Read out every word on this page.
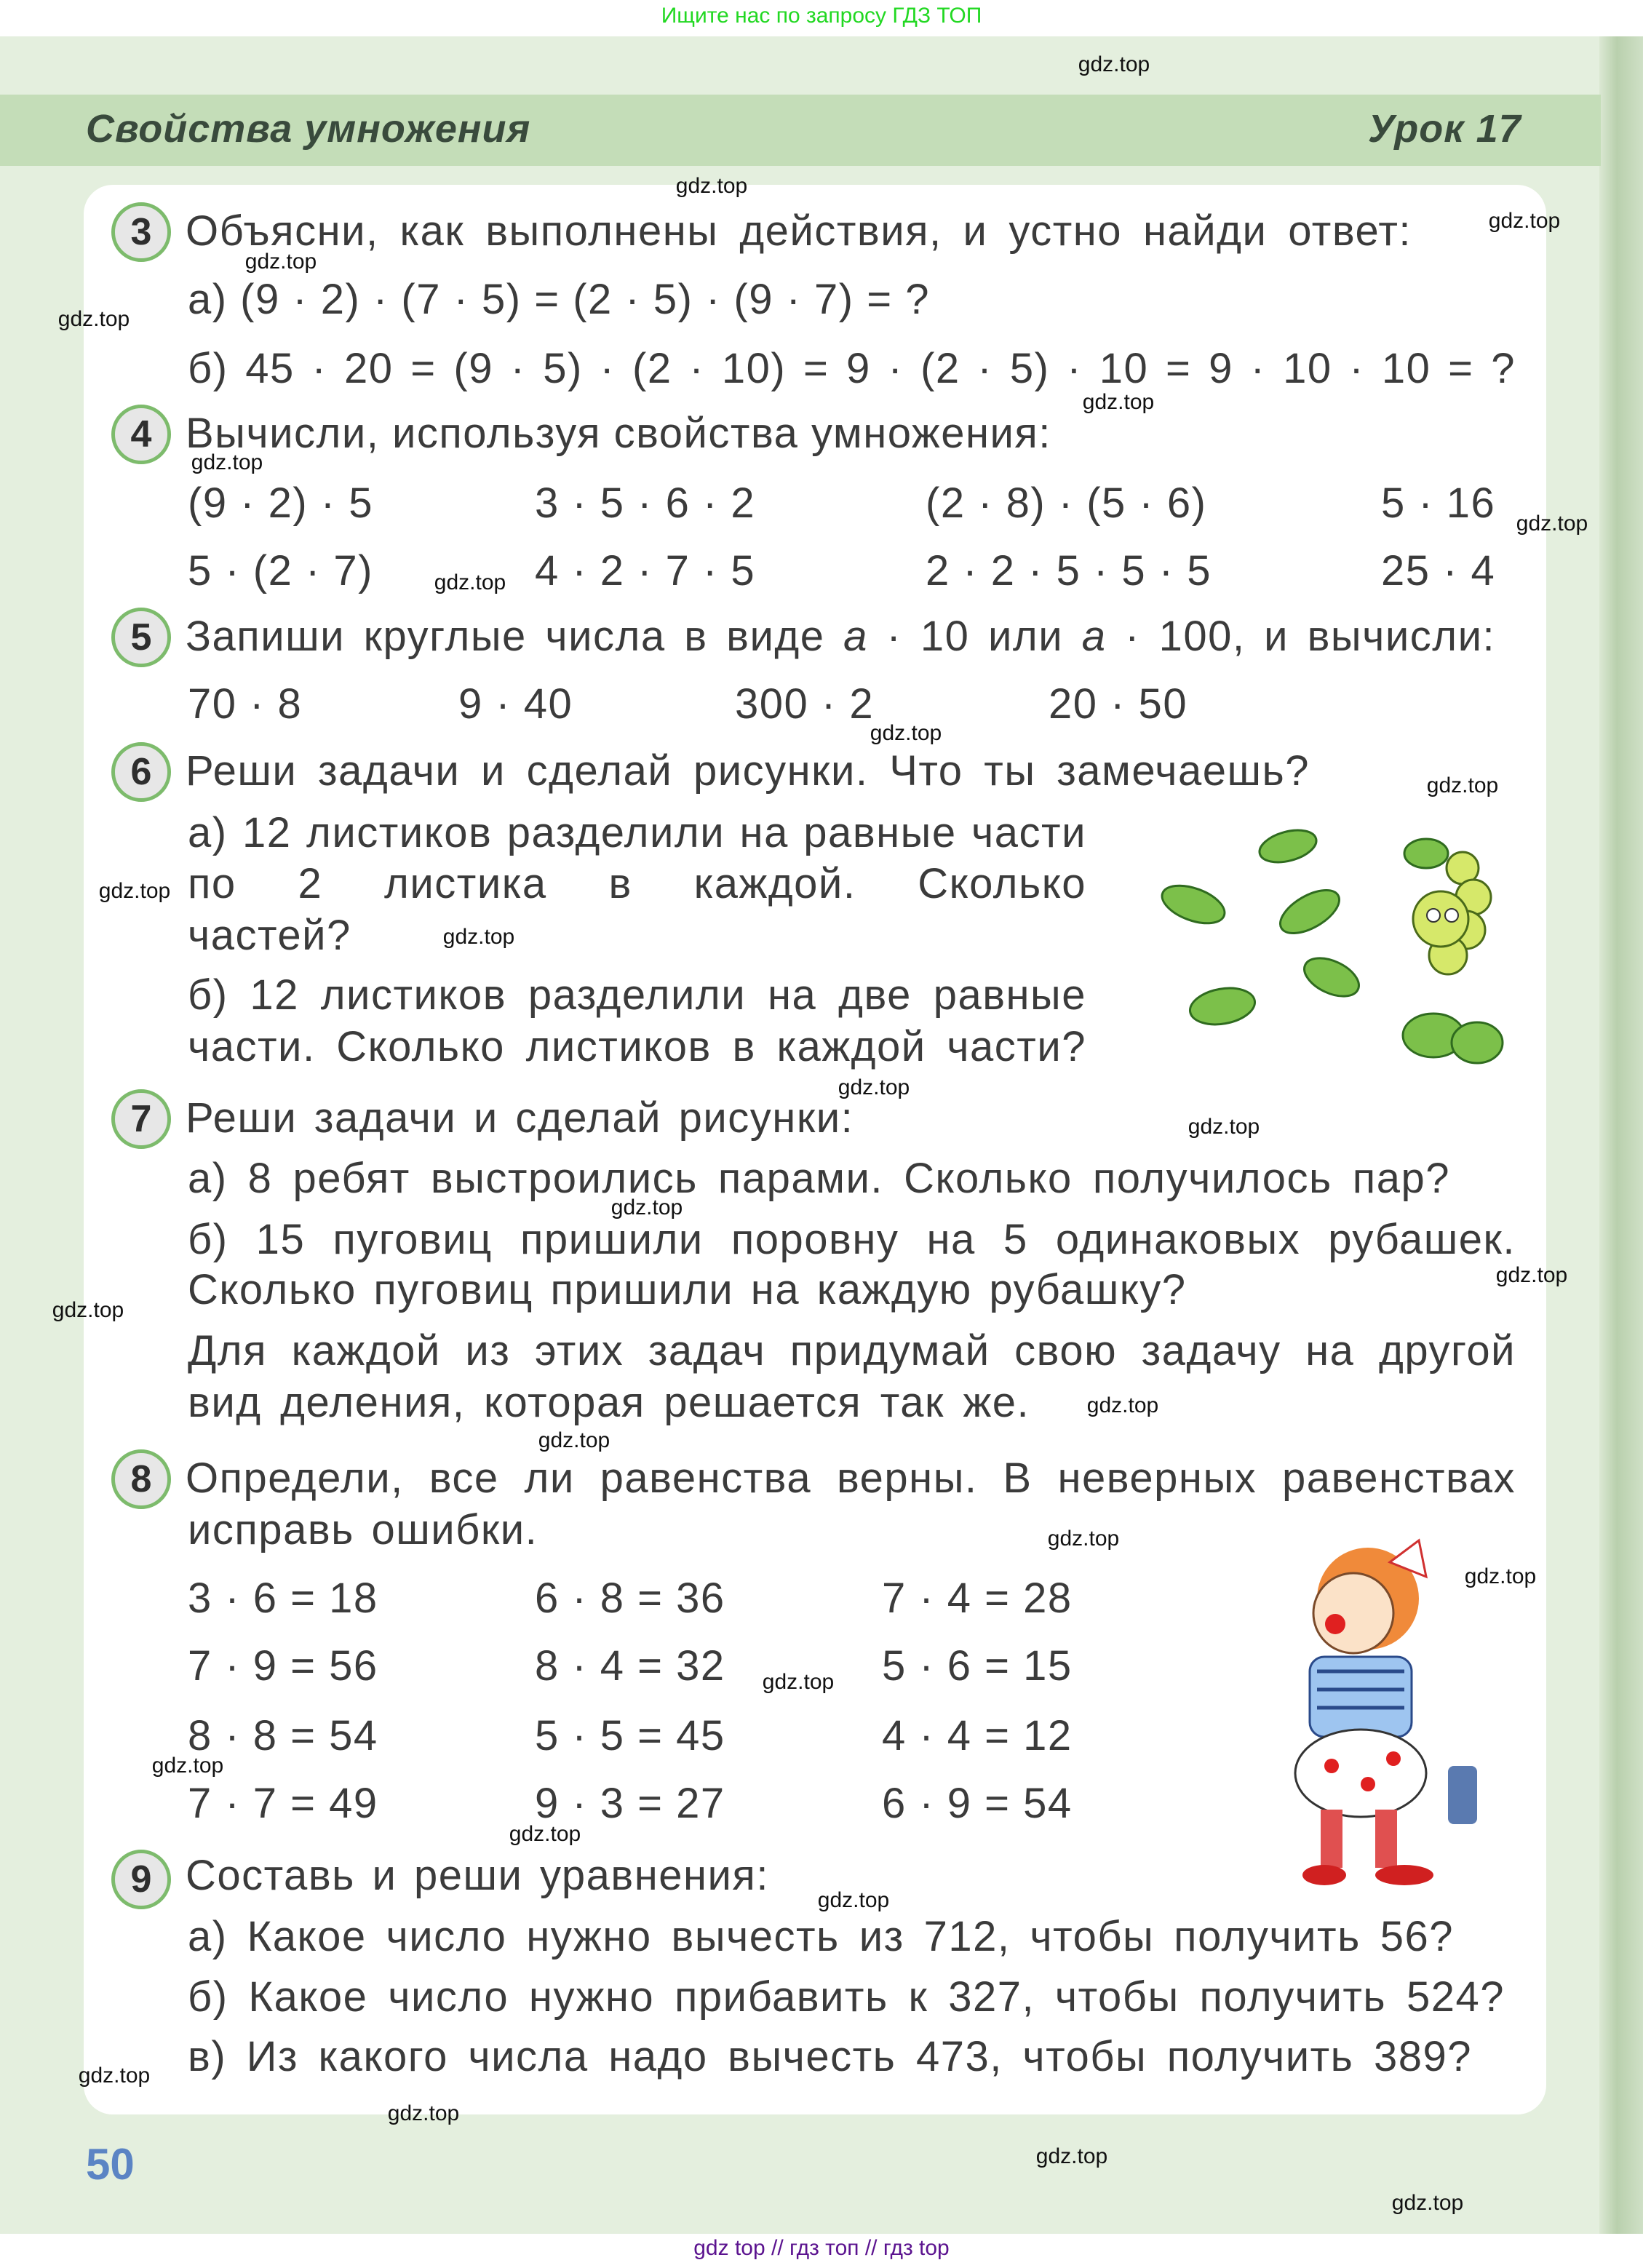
Ищите нас по запросу ГДЗ ТОП
Свойства умножения	Урок 17
3 Объясни, как выполнены действия, и устно найди ответ:
а) (9 · 2) · (7 · 5) = (2 · 5) · (9 · 7) = ?
б) 45 · 20 = (9 · 5) · (2 · 10) = 9 · (2 · 5) · 10 = 9 · 10 · 10 = ?
4 Вычисли, используя свойства умножения:
(9 · 2) · 5	3 · 5 · 6 · 2	(2 · 8) · (5 · 6)	5 · 16
5 · (2 · 7)	4 · 2 · 7 · 5	2 · 2 · 5 · 5 · 5	25 · 4
5 Запиши круглые числа в виде a · 10 или a · 100, и вычисли:
70 · 8	9 · 40	300 · 2	20 · 50
6 Реши задачи и сделай рисунки. Что ты замечаешь?
а) 12 листиков разделили на равные части
по 2 листика в каждой. Сколько
частей?
б) 12 листиков разделили на две равные
части. Сколько листиков в каждой части?
7 Реши задачи и сделай рисунки:
а) 8 ребят выстроились парами. Сколько получилось пар?
б) 15 пуговиц пришили поровну на 5 одинаковых рубашек.
Сколько пуговиц пришили на каждую рубашку?
Для каждой из этих задач придумай свою задачу на другой
вид деления, которая решается так же.
8 Определи, все ли равенства верны. В неверных равенствах
исправь ошибки.
3 · 6 = 18	6 · 8 = 36	7 · 4 = 28
7 · 9 = 56	8 · 4 = 32	5 · 6 = 15
8 · 8 = 54	5 · 5 = 45	4 · 4 = 12
7 · 7 = 49	9 · 3 = 27	6 · 9 = 54
9 Составь и реши уравнения:
а) Какое число нужно вычесть из 712, чтобы получить 56?
б) Какое число нужно прибавить к 327, чтобы получить 524?
в) Из какого числа надо вычесть 473, чтобы получить 389?
50
gdz.top
gdz.top
gdz.top
gdz.top
gdz.top
gdz.top
gdz.top
gdz.top
gdz.top
gdz.top
gdz.top
gdz.top
gdz.top
gdz.top
gdz.top
gdz.top
gdz.top
gdz.top
gdz.top
gdz.top
gdz.top
gdz.top
gdz.top
gdz.top
gdz.top
gdz.top
gdz.top
gdz.top
gdz.top
gdz.top
gdz top // гдз топ // гдз top
